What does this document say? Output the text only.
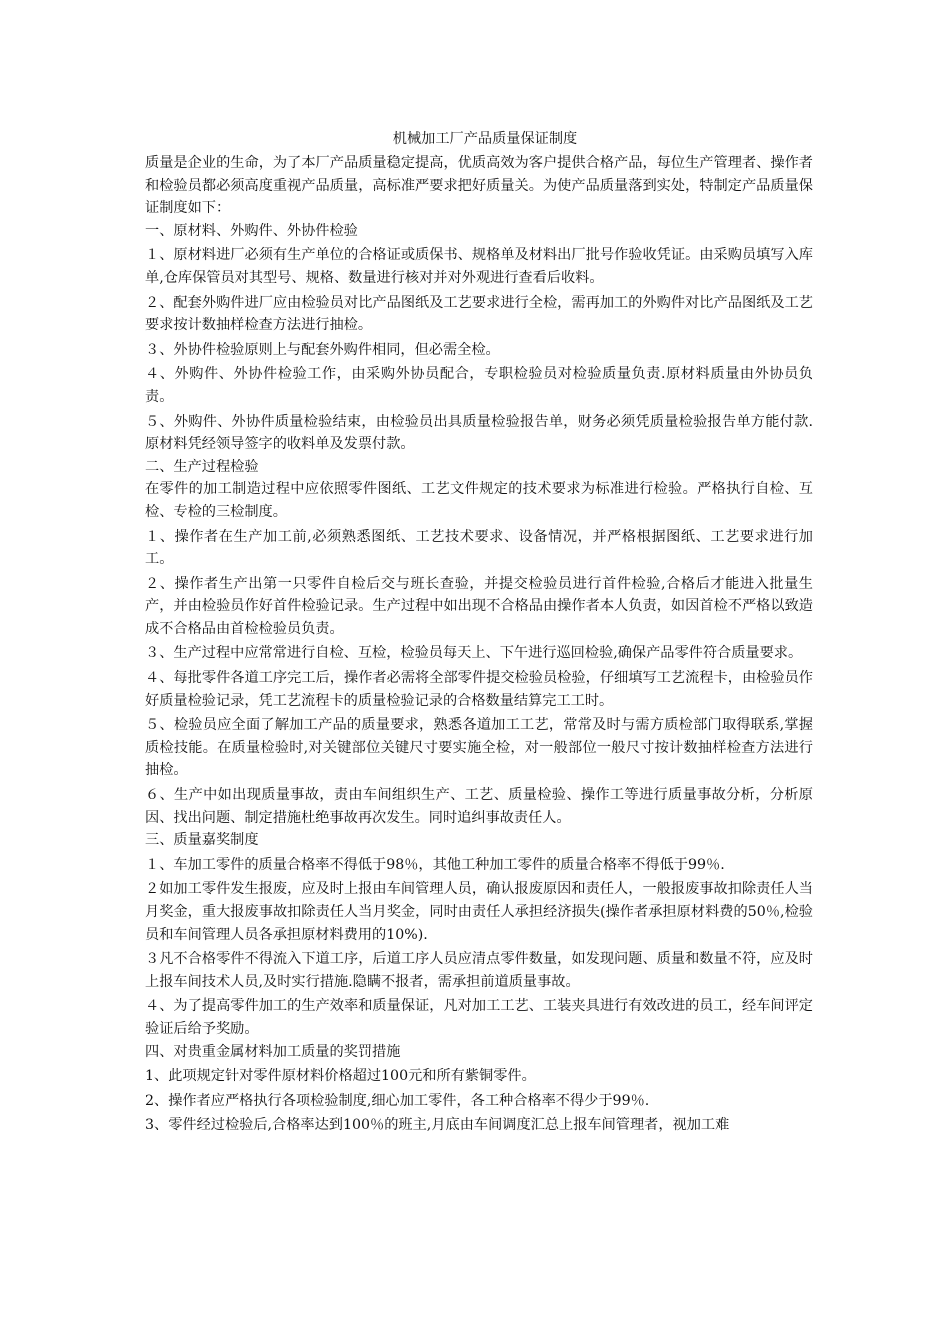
机械加工厂产品质量保证制度

质量是企业的生命，为了本厂产品质量稳定提高，优质高效为客户提供合格产品，每位生产管理者、操作者和检验员都必须高度重视产品质量，高标准严要求把好质量关。为使产品质量落到实处，特制定产品质量保证制度如下：

一、原材料、外购件、外协件检验

１、原材料进厂必须有生产单位的合格证或质保书、规格单及材料出厂批号作验收凭证。由采购员填写入库单,仓库保管员对其型号、规格、数量进行核对并对外观进行查看后收料。

２、配套外购件进厂应由检验员对比产品图纸及工艺要求进行全检，需再加工的外购件对比产品图纸及工艺要求按计数抽样检查方法进行抽检。

３、外协件检验原则上与配套外购件相同，但必需全检。

４、外购件、外协件检验工作，由采购外协员配合，专职检验员对检验质量负责.原材料质量由外协员负责。

５、外购件、外协件质量检验结束，由检验员出具质量检验报告单，财务必须凭质量检验报告单方能付款.原材料凭经领导签字的收料单及发票付款。

二、生产过程检验

在零件的加工制造过程中应依照零件图纸、工艺文件规定的技术要求为标准进行检验。严格执行自检、互检、专检的三检制度。

１、操作者在生产加工前,必须熟悉图纸、工艺技术要求、设备情况，并严格根据图纸、工艺要求进行加工。

２、操作者生产出第一只零件自检后交与班长查验，并提交检验员进行首件检验,合格后才能进入批量生产，并由检验员作好首件检验记录。生产过程中如出现不合格品由操作者本人负责，如因首检不严格以致造成不合格品由首检检验员负责。

３、生产过程中应常常进行自检、互检，检验员每天上、下午进行巡回检验,确保产品零件符合质量要求。

４、每批零件各道工序完工后，操作者必需将全部零件提交检验员检验，仔细填写工艺流程卡，由检验员作好质量检验记录，凭工艺流程卡的质量检验记录的合格数量结算完工工时。

５、检验员应全面了解加工产品的质量要求，熟悉各道加工工艺，常常及时与需方质检部门取得联系,掌握质检技能。在质量检验时,对关键部位关键尺寸要实施全检，对一般部位一般尺寸按计数抽样检查方法进行抽检。

６、生产中如出现质量事故，责由车间组织生产、工艺、质量检验、操作工等进行质量事故分析，分析原因、找出问题、制定措施杜绝事故再次发生。同时追纠事故责任人。

三、质量嘉奖制度

１、车加工零件的质量合格率不得低于98％，其他工种加工零件的质量合格率不得低于99％.

２如加工零件发生报废，应及时上报由车间管理人员，确认报废原因和责任人，一般报废事故扣除责任人当月奖金，重大报废事故扣除责任人当月奖金，同时由责任人承担经济损失(操作者承担原材料费的50％,检验员和车间管理人员各承担原材料费用的10%).

３凡不合格零件不得流入下道工序，后道工序人员应清点零件数量，如发现问题、质量和数量不符，应及时上报车间技术人员,及时实行措施.隐瞒不报者，需承担前道质量事故。

４、为了提高零件加工的生产效率和质量保证，凡对加工工艺、工装夹具进行有效改进的员工，经车间评定验证后给予奖励。

四、对贵重金属材料加工质量的奖罚措施

1、此项规定针对零件原材料价格超过100元和所有紫铜零件。

2、操作者应严格执行各项检验制度,细心加工零件，各工种合格率不得少于99％.

3、零件经过检验后,合格率达到100％的班主,月底由车间调度汇总上报车间管理者，视加工难
